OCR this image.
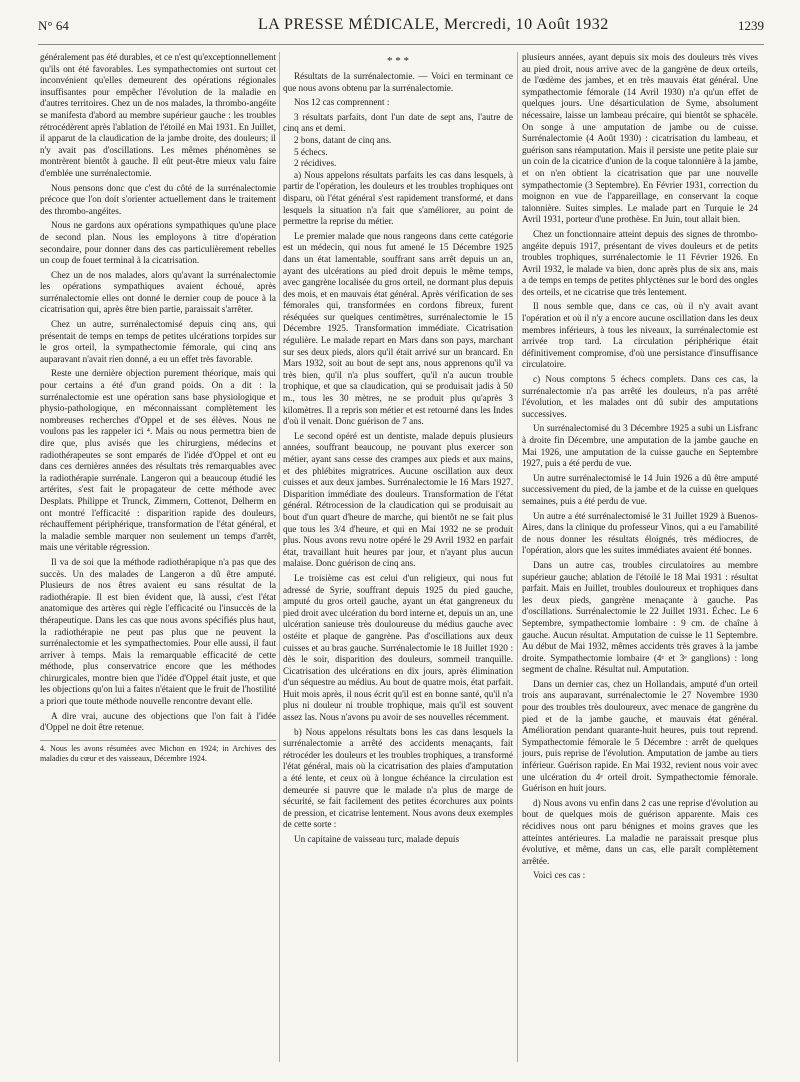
N° 64	LA PRESSE MÉDICALE, Mercredi, 10 Août 1932	1239

généralement pas été durables, et ce n'est qu'exceptionnellement qu'ils ont été favorables. Les sympathectomies ont surtout cet inconvénient qu'elles demeurent des opérations régionales insuffisantes pour empêcher l'évolution de la maladie en d'autres territoires. Chez un de nos malades, la thrombo-angéite se manifesta d'abord au membre supérieur gauche : les troubles rétrocédèrent après l'ablation de l'étoilé en Mai 1931. En Juillet, il apparut de la claudication de la jambe droite, des douleurs; il n'y avait pas d'oscillations. Les mêmes phénomènes se montrèrent bientôt à gauche. Il eût peut-être mieux valu faire d'emblée une surrénalectomie.

Nous pensons donc que c'est du côté de la surrénalectomie précoce que l'on doit s'orienter actuellement dans le traitement des thrombo-angéites.

Nous ne gardons aux opérations sympathiques qu'une place de second plan. Nous les employons à titre d'opération secondaire, pour donner dans des cas particulièrement rebelles un coup de fouet terminal à la cicatrisation.

Chez un de nos malades, alors qu'avant la surrénalectomie les opérations sympathiques avaient échoué, après surrénalectomie elles ont donné le dernier coup de pouce à la cicatrisation qui, après être bien partie, paraissait s'arrêter.

Chez un autre, surrénalectomisé depuis cinq ans, qui présentait de temps en temps de petites ulcérations torpides sur le gros orteil, la sympathectomie fémorale, qui cinq ans auparavant n'avait rien donné, a eu un effet très favorable.

Reste une dernière objection purement théorique, mais qui pour certains a été d'un grand poids. On a dit : la surrénalectomie est une opération sans base physiologique et physio-pathologique, en méconnaissant complètement les nombreuses recherches d'Oppel et de ses élèves. Nous ne voulons pas les rappeler ici ⁴. Mais ou nous permettra bien de dire que, plus avisés que les chirurgiens, médecins et radiothérapeutes se sont emparés de l'idée d'Oppel et ont eu dans ces dernières années des résultats très remarquables avec la radiothérapie surrénale. Langeron qui a beaucoup étudié les artérites, s'est fait le propagateur de cette méthode avec Desplats. Philippe et Trunck, Zimmern, Cottenot, Delherm en ont montré l'efficacité : disparition rapide des douleurs, réchauffement périphérique, transformation de l'état général, et la maladie semble marquer non seulement un temps d'arrêt, mais une véritable régression.

Il va de soi que la méthode radiothérapique n'a pas que des succès. Un des malades de Langeron a dû être amputé. Plusieurs de nos êtres avaient eu sans résultat de la radiothérapie. Il est bien évident que, là aussi, c'est l'état anatomique des artères qui règle l'efficacité ou l'insuccès de la thérapeutique. Dans les cas que nous avons spécifiés plus haut, la radiothérapie ne peut pas plus que ne peuvent la surrénalectomie et les sympathectomies. Pour elle aussi, il faut arriver à temps. Mais la remarquable efficacité de cette méthode, plus conservatrice encore que les méthodes chirurgicales, montre bien que l'idée d'Oppel était juste, et que les objections qu'on lui a faites n'étaient que le fruit de l'hostilité a priori que toute méthode nouvelle rencontre devant elle.

A dire vrai, aucune des objections que l'on fait à l'idée d'Oppel ne doit être retenue.

4. Nous les avons résumées avec Michon en 1924; in Archives des maladies du cœur et des vaisseaux, Décembre 1924.
* * *

Résultats de la surrénalectomie. — Voici en terminant ce que nous avons obtenu par la surrénalectomie.

Nos 12 cas comprennent :

3 résultats parfaits, dont l'un date de sept ans, l'autre de cinq ans et demi.

2 bons, datant de cinq ans.

5 échecs.

2 récidives.

a) Nous appelons résultats parfaits les cas dans lesquels, à partir de l'opération, les douleurs et les troubles trophiques ont disparu, où l'état général s'est rapidement transformé, et dans lesquels la situation n'a fait que s'améliorer, au point de permettre la reprise du métier.

Le premier malade que nous rangeons dans cette catégorie est un médecin, qui nous fut amené le 15 Décembre 1925 dans un état lamentable, souffrant sans arrêt depuis un an, ayant des ulcérations au pied droit depuis le même temps, avec gangrène localisée du gros orteil, ne dormant plus depuis des mois, et en mauvais état général. Après vérification de ses fémorales qui, transformées en cordons fibreux, furent réséquées sur quelques centimètres, surrénalectomie le 15 Décembre 1925. Transformation immédiate. Cicatrisation régulière. Le malade repart en Mars dans son pays, marchant sur ses deux pieds, alors qu'il était arrivé sur un brancard. En Mars 1932, soit au bout de sept ans, nous apprenons qu'il va très bien, qu'il n'a plus souffert, qu'il n'a aucun trouble trophique, et que sa claudication, qui se produisait jadis à 50 m., tous les 30 mètres, ne se produit plus qu'après 3 kilomètres. Il a repris son métier et est retourné dans les Indes d'où il venait. Donc guérison de 7 ans.

Le second opéré est un dentiste, malade depuis plusieurs années, souffrant beaucoup, ne pouvant plus exercer son métier, ayant sans cesse des crampes aux pieds et aux mains, et des phlébites migratrices. Aucune oscillation aux deux cuisses et aux deux jambes. Surrénalectomie le 16 Mars 1927. Disparition immédiate des douleurs. Transformation de l'état général. Rétrocession de la claudication qui se produisait au bout d'un quart d'heure de marche, qui bientôt ne se fait plus que tous les 3/4 d'heure, et qui en Mai 1932 ne se produit plus. Nous avons revu notre opéré le 29 Avril 1932 en parfait état, travaillant huit heures par jour, et n'ayant plus aucun malaise. Donc guérison de cinq ans.

Le troisième cas est celui d'un religieux, qui nous fut adressé de Syrie, souffrant depuis 1925 du pied gauche, amputé du gros orteil gauche, ayant un état gangreneux du pied droit avec ulcération du bord interne et, depuis un an, une ulcération sanieuse très douloureuse du médius gauche avec ostéite et plaque de gangrène. Pas d'oscillations aux deux cuisses et au bras gauche. Surrénalectomie le 18 Juillet 1920 : dès le soir, disparition des douleurs, sommeil tranquille. Cicatrisation des ulcérations en dix jours, après élimination d'un séquestre au médius. Au bout de quatre mois, état parfait. Huit mois après, il nous écrit qu'il est en bonne santé, qu'il n'a plus ni douleur ni trouble trophique, mais qu'il est souvent assez las. Nous n'avons pu avoir de ses nouvelles récemment.

b) Nous appelons résultats bons les cas dans lesquels la surrénalectomie a arrêté des accidents menaçants, fait rétrocéder les douleurs et les troubles trophiques, a transformé l'état général, mais où la cicatrisation des plaies d'amputation a été lente, et ceux où à longue échéance la circulation est demeurée si pauvre que le malade n'a plus de marge de sécurité, se fait facilement des petites écorchures aux points de pression, et cicatrise lentement. Nous avons deux exemples de cette sorte :

Un capitaine de vaisseau turc, malade depuis

plusieurs années, ayant depuis six mois des douleurs très vives au pied droit, nous arrive avec de la gangrène de deux orteils, de l'œdème des jambes, et en très mauvais état général. Une sympathectomie fémorale (14 Avril 1930) n'a qu'un effet de quelques jours. Une désarticulation de Syme, absolument nécessaire, laisse un lambeau précaire, qui bientôt se sphacèle. On songe à une amputation de jambe ou de cuisse. Surrénalectomie (4 Août 1930) : cicatrisation du lambeau, et guérison sans réamputation. Mais il persiste une petite plaie sur un coin de la cicatrice d'union de la coque talonnière à la jambe, et on n'en obtient la cicatrisation que par une nouvelle sympathectomie (3 Septembre). En Février 1931, correction du moignon en vue de l'appareillage, en conservant la coque talonnière. Suites simples. Le malade part en Turquie le 24 Avril 1931, porteur d'une prothèse. En Juin, tout allait bien.

Chez un fonctionnaire atteint depuis des signes de thrombo-angéite depuis 1917, présentant de vives douleurs et de petits troubles trophiques, surrénalectomie le 11 Février 1926. En Avril 1932, le malade va bien, donc après plus de six ans, mais a de temps en temps de petites phlyctènes sur le bord des ongles des orteils, et ne cicatrise que très lentement.

Il nous semble que, dans ce cas, où il n'y avait avant l'opération et où il n'y a encore aucune oscillation dans les deux membres inférieurs, à tous les niveaux, la surrénalectomie est arrivée trop tard. La circulation périphérique était définitivement compromise, d'où une persistance d'insuffisance circulatoire.

c) Nous comptons 5 échecs complets. Dans ces cas, la surrénalectomie n'a pas arrêté les douleurs, n'a pas arrêté l'évolution, et les malades ont dû subir des amputations successives.

Un surrénalectomisé du 3 Décembre 1925 a subi un Lisfranc à droite fin Décembre, une amputation de la jambe gauche en Mai 1926, une amputation de la cuisse gauche en Septembre 1927, puis a été perdu de vue.

Un autre surrénalectomisé le 14 Juin 1926 a dû être amputé successivement du pied, de la jambe et de la cuisse en quelques semaines, puis a été perdu de vue.

Un autre a été surrénalectomisé le 31 Juillet 1929 à Buenos-Aires, dans la clinique du professeur Vinos, qui a eu l'amabilité de nous donner les résultats éloignés, très médiocres, de l'opération, alors que les suites immédiates avaient été bonnes.

Dans un autre cas, troubles circulatoires au membre supérieur gauche; ablation de l'étoilé le 18 Mai 1931 : résultat parfait. Mais en Juillet, troubles douloureux et trophiques dans les deux pieds, gangrène menaçante à gauche. Pas d'oscillations. Surrénalectomie le 22 Juillet 1931. Échec. Le 6 Septembre, sympathectomie lombaire : 9 cm. de chaîne à gauche. Aucun résultat. Amputation de cuisse le 11 Septembre. Au début de Mai 1932, mêmes accidents très graves à la jambe droite. Sympathectomie lombaire (4ᵉ et 3ᵉ ganglions) : long segment de chaîne. Résultat nul. Amputation.

Dans un dernier cas, chez un Hollandais, amputé d'un orteil trois ans auparavant, surrénalectomie le 27 Novembre 1930 pour des troubles très douloureux, avec menace de gangrène du pied et de la jambe gauche, et mauvais état général. Amélioration pendant quarante-huit heures, puis tout reprend. Sympathectomie fémorale le 5 Décembre : arrêt de quelques jours, puis reprise de l'évolution. Amputation de jambe au tiers inférieur. Guérison rapide. En Mai 1932, revient nous voir avec une ulcération du 4ᵉ orteil droit. Sympathectomie fémorale. Guérison en huit jours.

d) Nous avons vu enfin dans 2 cas une reprise d'évolution au bout de quelques mois de guérison apparente. Mais ces récidives nous ont paru bénignes et moins graves que les atteintes antérieures. La maladie ne paraissait presque plus évolutive, et même, dans un cas, elle paraît complètement arrêtée.

Voici ces cas :
